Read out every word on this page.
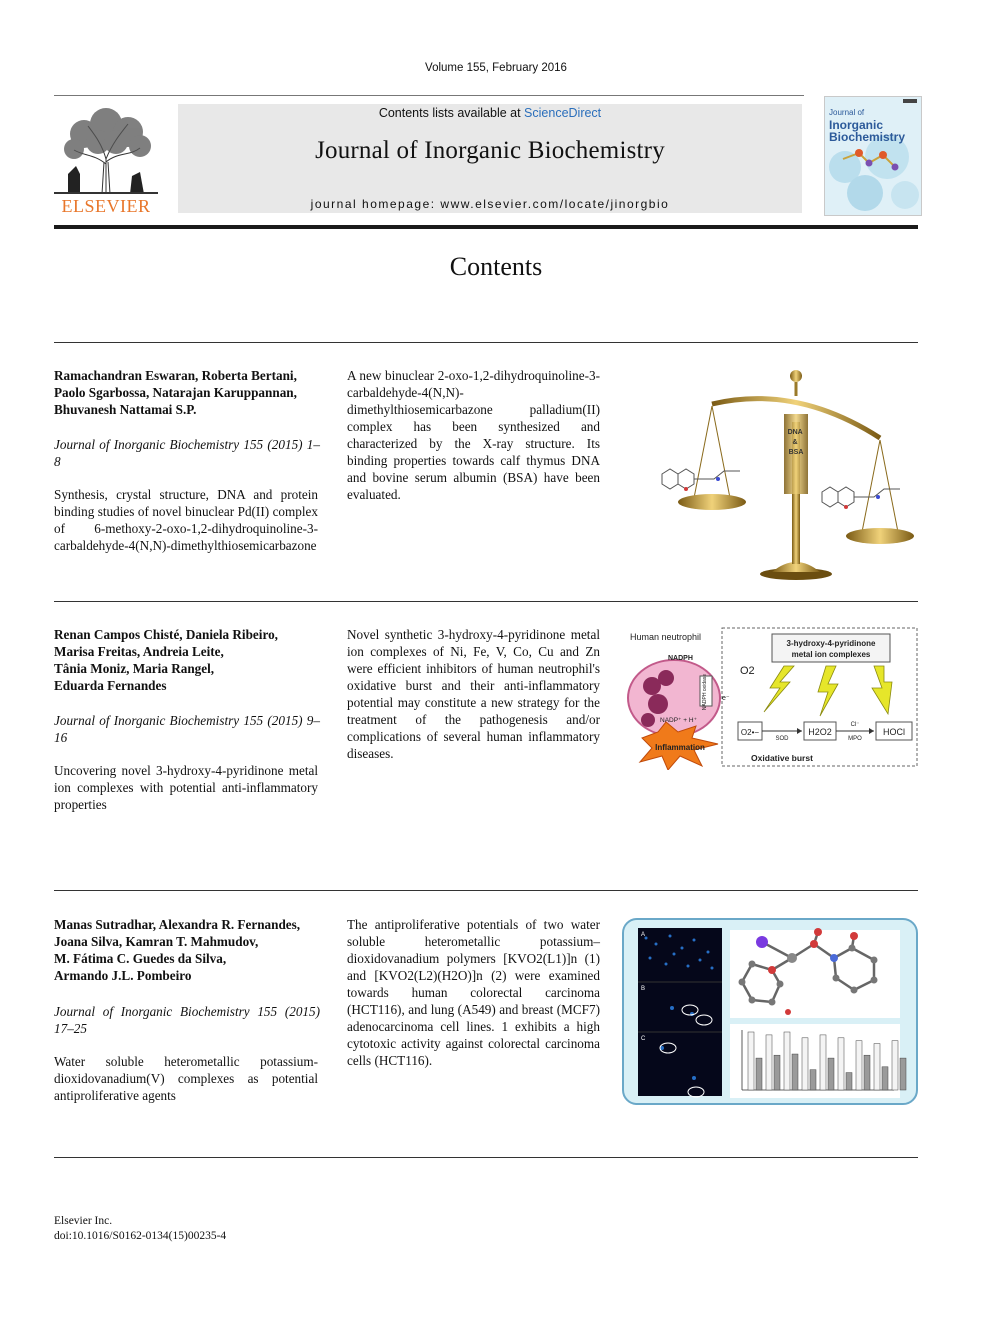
Volume 155, February 2016
ELSEVIER
Contents lists available at ScienceDirect
Journal of Inorganic Biochemistry
journal homepage: www.elsevier.com/locate/jinorgbio
Journal of
Inorganic
Biochemistry
Contents
Ramachandran Eswaran, Roberta Bertani,
Paolo Sgarbossa, Natarajan Karuppannan,
Bhuvanesh Nattamai S.P.
Journal of Inorganic Biochemistry 155 (2015) 1–8
Synthesis, crystal structure, DNA and protein binding studies of novel binuclear Pd(II) complex of 6-methoxy-2-oxo-1,2-dihydroquinoline-3-carbaldehyde-4(N,N)-dimethylthiosemicarbazone
A new binuclear 2-oxo-1,2-dihydroquinoline-3-carbaldehyde-4(N,N)-dimethylthiosemicarbazone palladium(II) complex has been synthesized and characterized by the X-ray structure. Its binding properties towards calf thymus DNA and bovine serum albumin (BSA) have been evaluated.
DNA & BSA
Renan Campos Chisté, Daniela Ribeiro,
Marisa Freitas, Andreia Leite,
Tânia Moniz, Maria Rangel,
Eduarda Fernandes
Journal of Inorganic Biochemistry 155 (2015) 9–16
Uncovering novel 3-hydroxy-4-pyridinone metal ion complexes with potential anti-inflammatory properties
Novel synthetic 3-hydroxy-4-pyridinone metal ion complexes of Ni, Fe, V, Co, Cu and Zn were efficient inhibitors of human neutrophil's oxidative burst and their anti-inflammatory potential may constitute a new strategy for the treatment of the pathogenesis and/or complications of several human inflammatory diseases.
NADPH oxidase
Human neutrophil
NADPH
NADP⁺ + H⁺
3-hydroxy-4-pyridinone
metal ion complexes
O2
e⁻
O2•−
SOD
H2O2
Cl⁻
MPO
HOCl
Inflammation
Oxidative burst
Manas Sutradhar, Alexandra R. Fernandes,
Joana Silva, Kamran T. Mahmudov,
M. Fátima C. Guedes da Silva,
Armando J.L. Pombeiro
Journal of Inorganic Biochemistry 155 (2015) 17–25
Water soluble heterometallic potassium-dioxidovanadium(V) complexes as potential antiproliferative agents
The antiproliferative potentials of two water soluble heterometallic potassium–dioxidovanadium polymers [KVO2(L1)]n (1) and [KVO2(L2)(H2O)]n (2) were examined towards human colorectal carcinoma (HCT116), and lung (A549) and breast (MCF7) adenocarcinoma cell lines. 1 exhibits a high cytotoxic activity against colorectal carcinoma cells (HCT116).
A B C
Elsevier Inc.
doi:10.1016/S0162-0134(15)00235-4
